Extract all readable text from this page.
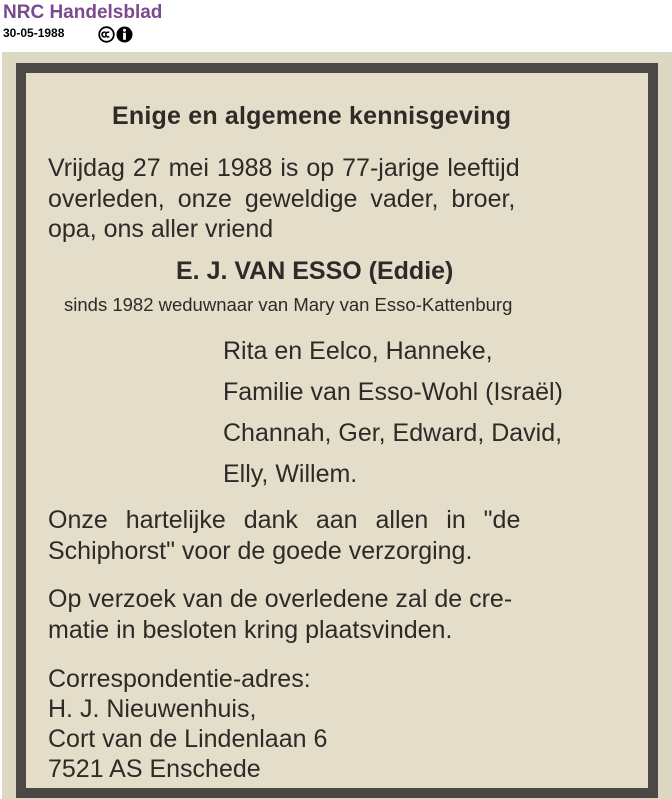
NRC Handelsblad
30-05-1988

Enige en algemene kennisgeving

Vrijdag 27 mei 1988 is op 77-jarige leeftijd

overleden, onze geweldige vader, broer,

opa, ons aller vriend

E. J. VAN ESSO (Eddie)

sinds 1982 weduwnaar van Mary van Esso-Kattenburg

Rita en Eelco, Hanneke,

Familie van Esso-Wohl (Israël)

Channah, Ger, Edward, David,

Elly, Willem.

Onze hartelijke dank aan allen in "de

Schiphorst" voor de goede verzorging.

Op verzoek van de overledene zal de cre-

matie in besloten kring plaatsvinden.

Correspondentie-adres:

H. J. Nieuwenhuis,

Cort van de Lindenlaan 6

7521 AS Enschede
